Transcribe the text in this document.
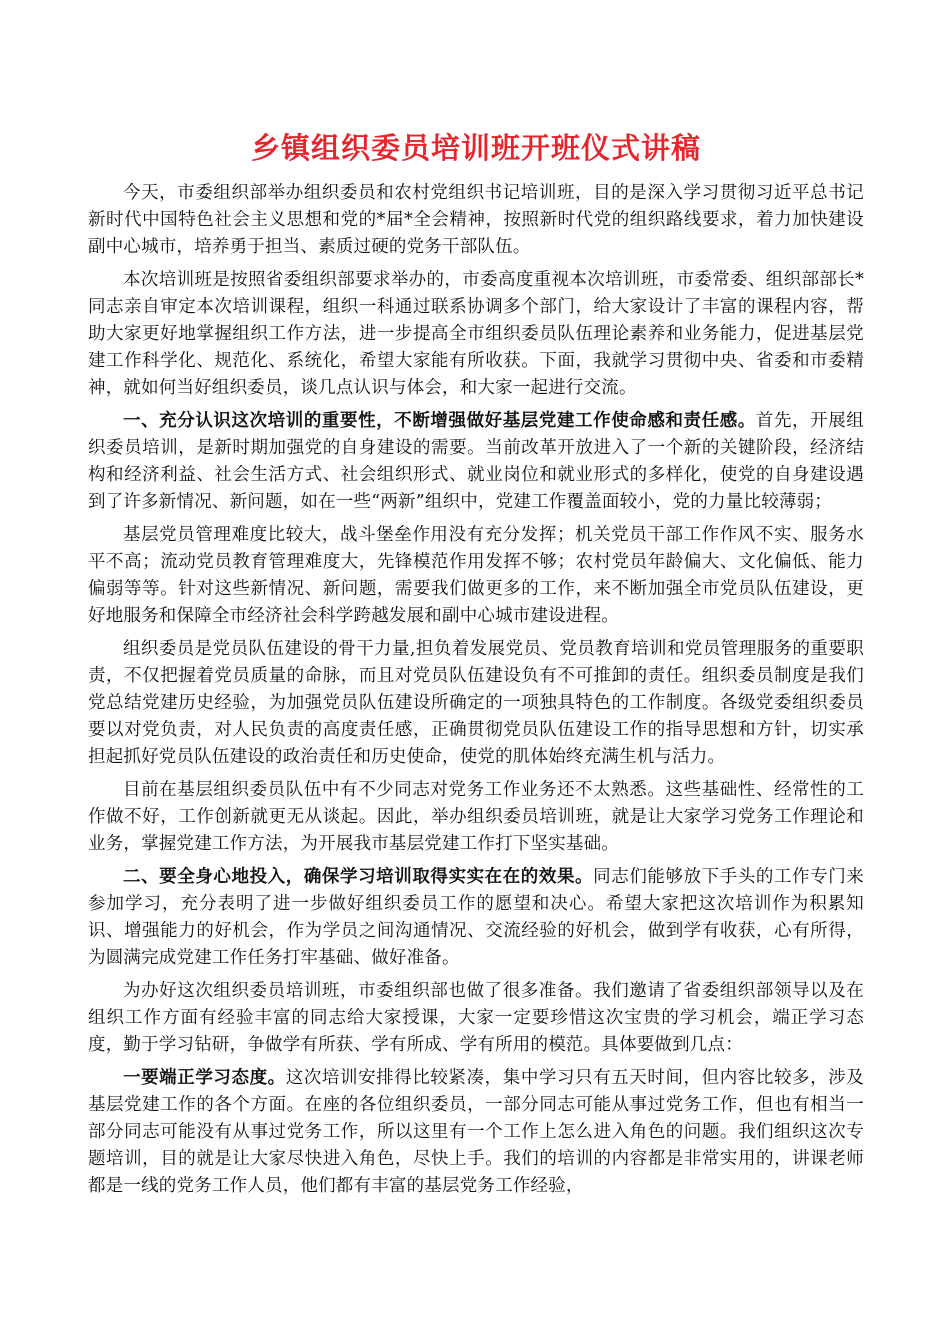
乡镇组织委员培训班开班仪式讲稿

今天，市委组织部举办组织委员和农村党组织书记培训班，目的是深入学习贯彻习近平总书记新时代中国特色社会主义思想和党的*届*全会精神，按照新时代党的组织路线要求，着力加快建设副中心城市，培养勇于担当、素质过硬的党务干部队伍。

本次培训班是按照省委组织部要求举办的，市委高度重视本次培训班，市委常委、组织部部长*同志亲自审定本次培训课程，组织一科通过联系协调多个部门，给大家设计了丰富的课程内容，帮助大家更好地掌握组织工作方法，进一步提高全市组织委员队伍理论素养和业务能力，促进基层党建工作科学化、规范化、系统化，希望大家能有所收获。下面，我就学习贯彻中央、省委和市委精神，就如何当好组织委员，谈几点认识与体会，和大家一起进行交流。

一、充分认识这次培训的重要性，不断增强做好基层党建工作使命感和责任感。首先，开展组织委员培训，是新时期加强党的自身建设的需要。当前改革开放进入了一个新的关键阶段，经济结构和经济利益、社会生活方式、社会组织形式、就业岗位和就业形式的多样化，使党的自身建设遇到了许多新情况、新问题，如在一些“两新”组织中，党建工作覆盖面较小，党的力量比较薄弱；

基层党员管理难度比较大，战斗堡垒作用没有充分发挥；机关党员干部工作作风不实、服务水平不高；流动党员教育管理难度大，先锋模范作用发挥不够；农村党员年龄偏大、文化偏低、能力偏弱等等。针对这些新情况、新问题，需要我们做更多的工作，来不断加强全市党员队伍建设，更好地服务和保障全市经济社会科学跨越发展和副中心城市建设进程。

组织委员是党员队伍建设的骨干力量,担负着发展党员、党员教育培训和党员管理服务的重要职责，不仅把握着党员质量的命脉，而且对党员队伍建设负有不可推卸的责任。组织委员制度是我们党总结党建历史经验，为加强党员队伍建设所确定的一项独具特色的工作制度。各级党委组织委员要以对党负责，对人民负责的高度责任感，正确贯彻党员队伍建设工作的指导思想和方针，切实承担起抓好党员队伍建设的政治责任和历史使命，使党的肌体始终充满生机与活力。

目前在基层组织委员队伍中有不少同志对党务工作业务还不太熟悉。这些基础性、经常性的工作做不好，工作创新就更无从谈起。因此，举办组织委员培训班，就是让大家学习党务工作理论和业务，掌握党建工作方法，为开展我市基层党建工作打下坚实基础。

二、要全身心地投入，确保学习培训取得实实在在的效果。同志们能够放下手头的工作专门来参加学习，充分表明了进一步做好组织委员工作的愿望和决心。希望大家把这次培训作为积累知识、增强能力的好机会，作为学员之间沟通情况、交流经验的好机会，做到学有收获，心有所得，为圆满完成党建工作任务打牢基础、做好准备。

为办好这次组织委员培训班，市委组织部也做了很多准备。我们邀请了省委组织部领导以及在组织工作方面有经验丰富的同志给大家授课，大家一定要珍惜这次宝贵的学习机会，端正学习态度，勤于学习钻研，争做学有所获、学有所成、学有所用的模范。具体要做到几点：

一要端正学习态度。这次培训安排得比较紧凑，集中学习只有五天时间，但内容比较多，涉及基层党建工作的各个方面。在座的各位组织委员，一部分同志可能从事过党务工作，但也有相当一部分同志可能没有从事过党务工作，所以这里有一个工作上怎么进入角色的问题。我们组织这次专题培训，目的就是让大家尽快进入角色，尽快上手。我们的培训的内容都是非常实用的，讲课老师都是一线的党务工作人员，他们都有丰富的基层党务工作经验，
